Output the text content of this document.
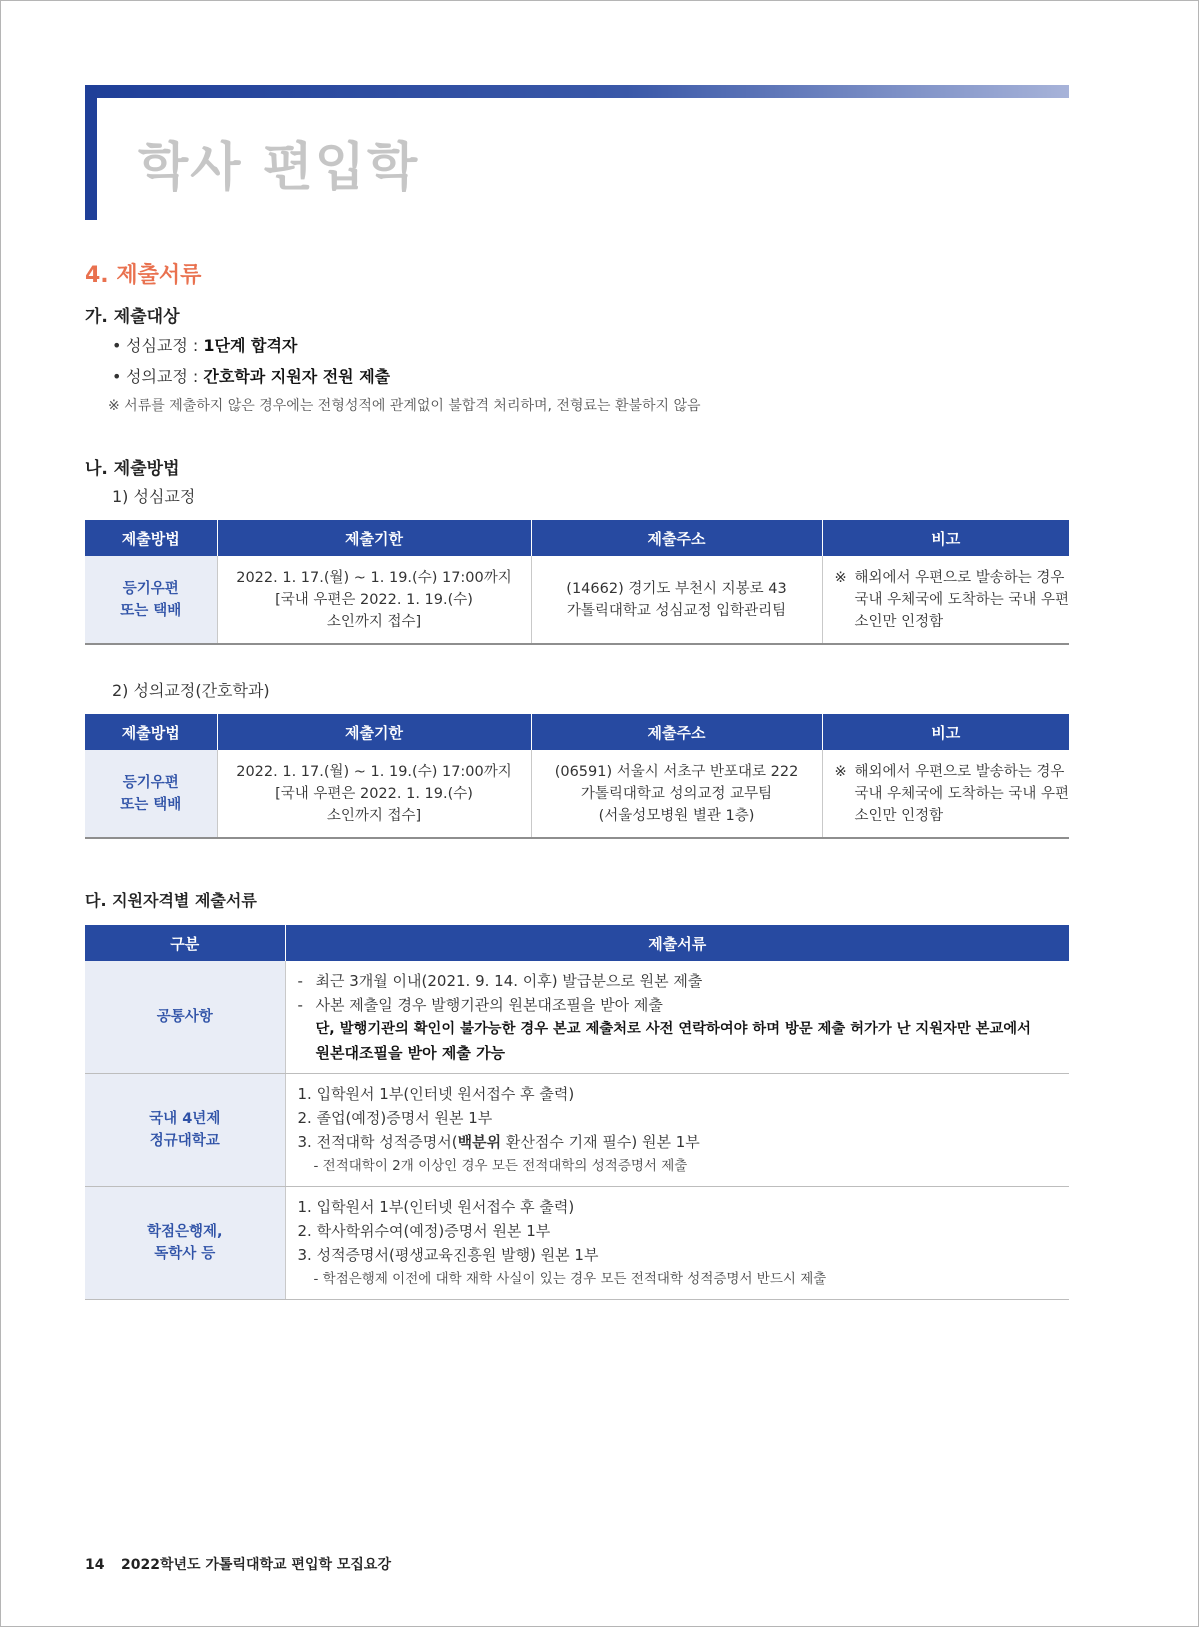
학사 편입학
4. 제출서류
가. 제출대상
• 성심교정 : 1단계 합격자
• 성의교정 : 간호학과 지원자 전원 제출
※ 서류를 제출하지 않은 경우에는 전형성적에 관계없이 불합격 처리하며, 전형료는 환불하지 않음
나. 제출방법
1) 성심교정
제출방법	제출기한	제출주소	비고

등기우편
또는 택배	2022. 1. 17.(월) ~ 1. 19.(수) 17:00까지
[국내 우편은 2022. 1. 19.(수)
소인까지 접수]	(14662) 경기도 부천시 지봉로 43
가톨릭대학교 성심교정 입학관리팀	※ 해외에서 우편으로 발송하는 경우
국내 우체국에 도착하는 국내 우편
소인만 인정함
2) 성의교정(간호학과)
제출방법	제출기한	제출주소	비고

등기우편
또는 택배	2022. 1. 17.(월) ~ 1. 19.(수) 17:00까지
[국내 우편은 2022. 1. 19.(수)
소인까지 접수]	(06591) 서울시 서초구 반포대로 222
가톨릭대학교 성의교정 교무팀
(서울성모병원 별관 1층)	※ 해외에서 우편으로 발송하는 경우
국내 우체국에 도착하는 국내 우편
소인만 인정함
다. 지원자격별 제출서류
구분	제출서류
공통사항	- 최근 3개월 이내(2021. 9. 14. 이후) 발급분으로 원본 제출
- 사본 제출일 경우 발행기관의 원본대조필을 받아 제출
단, 발행기관의 확인이 불가능한 경우 본교 제출처로 사전 연락하여야 하며 방문 제출 허가가 난 지원자만 본교에서
원본대조필을 받아 제출 가능

국내 4년제
정규대학교	1. 입학원서 1부(인터넷 원서접수 후 출력)
2. 졸업(예정)증명서 원본 1부
3. 전적대학 성적증명서(백분위 환산점수 기재 필수) 원본 1부
- 전적대학이 2개 이상인 경우 모든 전적대학의 성적증명서 제출

학점은행제,
독학사 등	1. 입학원서 1부(인터넷 원서접수 후 출력)
2. 학사학위수여(예정)증명서 원본 1부
3. 성적증명서(평생교육진흥원 발행) 원본 1부
- 학점은행제 이전에 대학 재학 사실이 있는 경우 모든 전적대학 성적증명서 반드시 제출
14 2022학년도 가톨릭대학교 편입학 모집요강
